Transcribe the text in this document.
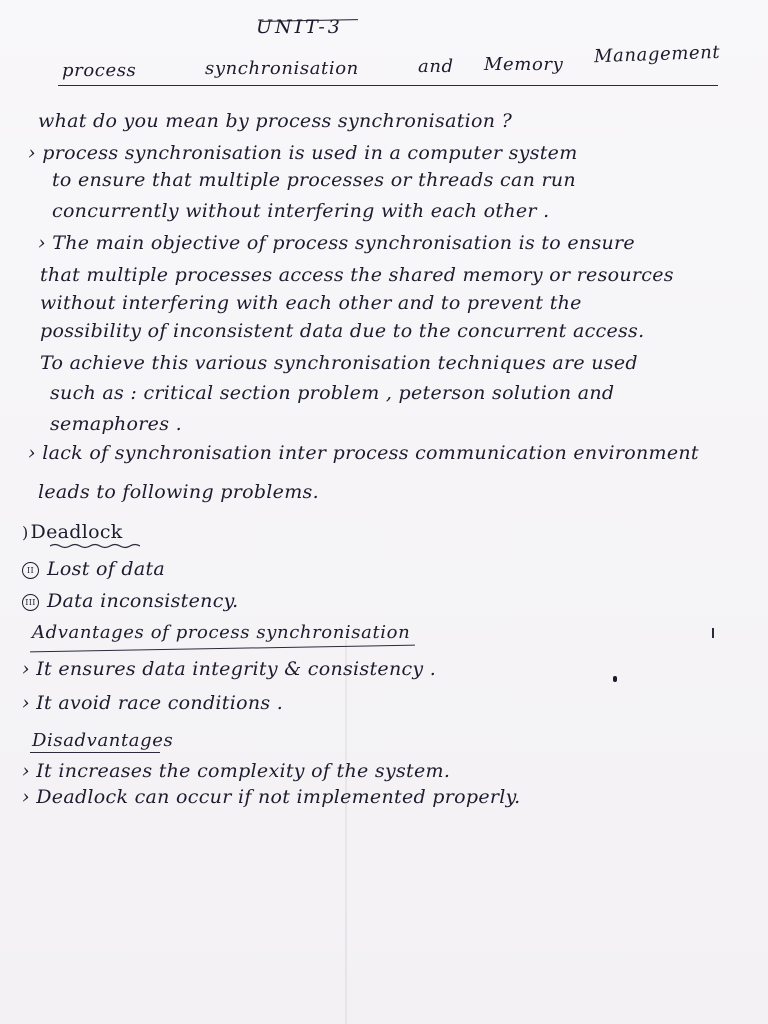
UNIT-3
process	synchronisation	and Memory Management
what do you mean by process synchronisation ?
› process synchronisation is used in a computer system
to ensure that multiple processes or threads can run
concurrently without interfering with each other .
› The main objective of process synchronisation is to ensure
that multiple processes access the shared memory or resources
without interfering with each other and to prevent the
possibility of inconsistent data due to the concurrent access.
To achieve this various synchronisation techniques are used
such as : critical section problem , peterson solution and
semaphores .
› lack of synchronisation inter process communication environment
leads to following problems.
) Deadlock
II Lost of data
III Data inconsistency.
Advantages of process synchronisation
› It ensures data integrity & consistency .
› It avoid race conditions .
Disadvantages
› It increases the complexity of the system.
› Deadlock can occur if not implemented properly.
